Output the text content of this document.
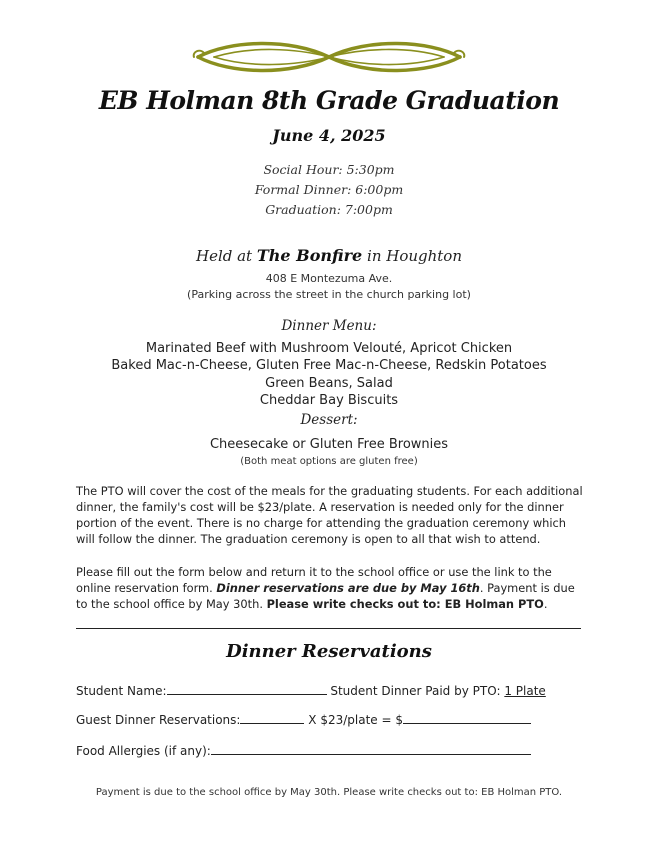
EB Holman 8th Grade Graduation
June 4, 2025
Social Hour: 5:30pm
Formal Dinner: 6:00pm
Graduation: 7:00pm
Held at The Bonfire in Houghton
408 E Montezuma Ave.
(Parking across the street in the church parking lot)
Dinner Menu:
Marinated Beef with Mushroom Velouté, Apricot Chicken
Baked Mac-n-Cheese, Gluten Free Mac-n-Cheese, Redskin Potatoes
Green Beans, Salad
Cheddar Bay Biscuits
Dessert:
Cheesecake or Gluten Free Brownies
(Both meat options are gluten free)
The PTO will cover the cost of the meals for the graduating students. For each additional dinner, the family's cost will be $23/plate. A reservation is needed only for the dinner portion of the event. There is no charge for attending the graduation ceremony which will follow the dinner. The graduation ceremony is open to all that wish to attend.
Please fill out the form below and return it to the school office or use the link to the online reservation form. Dinner reservations are due by May 16th. Payment is due to the school office by May 30th. Please write checks out to: EB Holman PTO.
Dinner Reservations
Student Name:	Student Dinner Paid by PTO: 1 Plate
Guest Dinner Reservations:	X $23/plate = $
Food Allergies (if any):
Payment is due to the school office by May 30th. Please write checks out to: EB Holman PTO.
